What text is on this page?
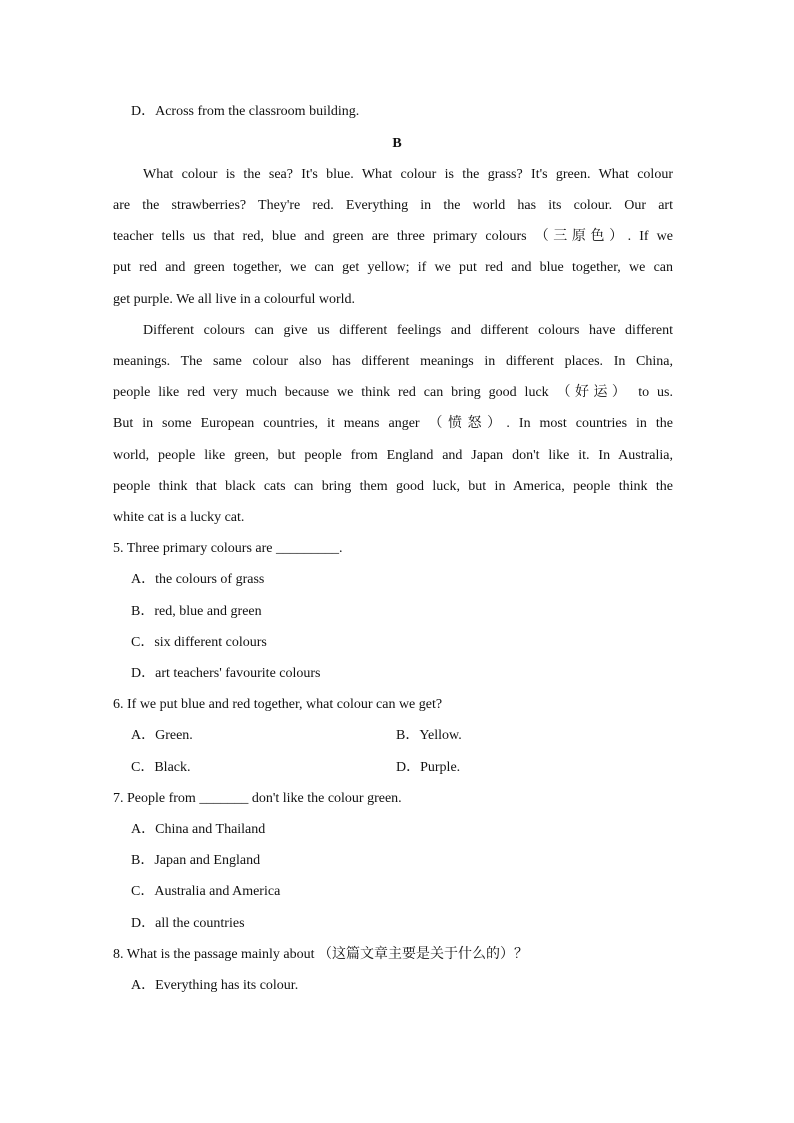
D．Across from the classroom building.
B
What colour is the sea? It's blue. What colour is the grass? It's green. What colour
are the strawberries? They're red. Everything in the world has its colour. Our art
teacher tells us that red, blue and green are three primary colours （三原色）. If we
put red and green together, we can get yellow; if we put red and blue together, we can
get purple. We all live in a colourful world.
Different colours can give us different feelings and different colours have different
meanings. The same colour also has different meanings in different places. In China,
people like red very much because we think red can bring good luck （好运） to us.
But in some European countries, it means anger （愤怒）. In most countries in the
world, people like green, but people from England and Japan don't like it. In Australia,
people think that black cats can bring them good luck, but in America, people think the
white cat is a lucky cat.
5. Three primary colours are _________.
A．the colours of grass
B．red, blue and green
C．six different colours
D．art teachers' favourite colours
6. If we put blue and red together, what colour can we get?
A．Green.	B．Yellow.
C．Black.	D．Purple.
7. People from _______ don't like the colour green.
A．China and Thailand
B．Japan and England
C．Australia and America
D．all the countries
8. What is the passage mainly about （这篇文章主要是关于什么的）？
A．Everything has its colour.
